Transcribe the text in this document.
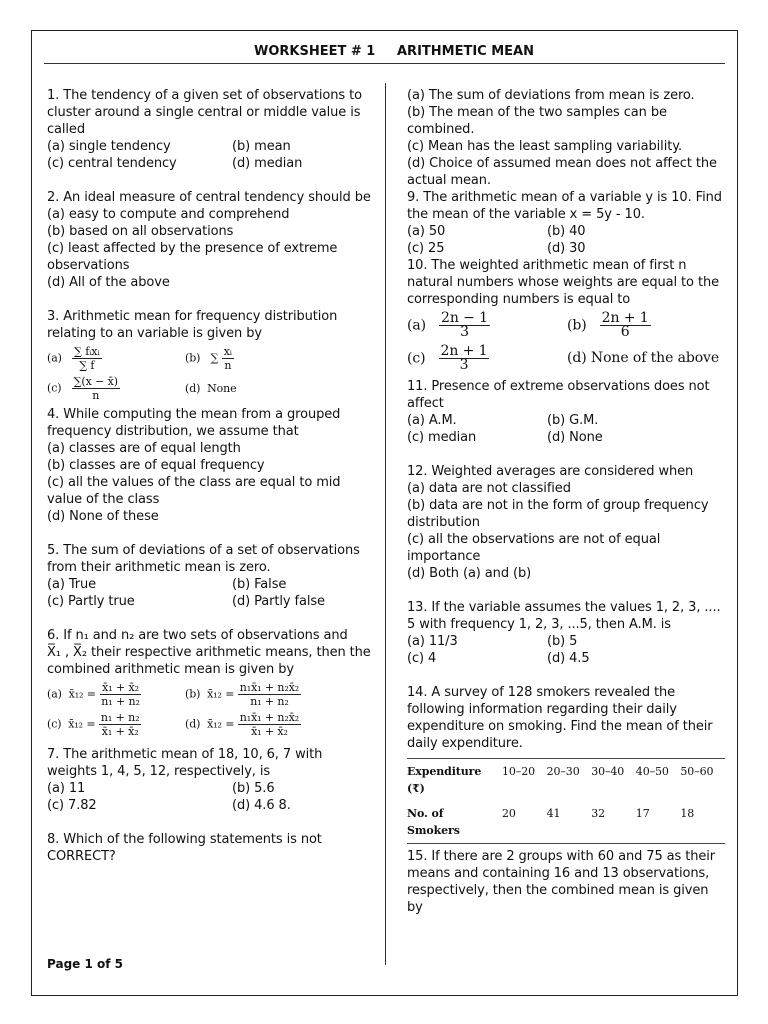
WORKSHEET # 1 ARITHMETIC MEAN
1. The tendency of a given set of observations to cluster around a single central or middle value is called
(a) single tendency	(b) mean
(c) central tendency	(d) median
2. An ideal measure of central tendency should be
(a) easy to compute and comprehend
(b) based on all observations
(c) least affected by the presence of extreme observations
(d) All of the above
3. Arithmetic mean for frequency distribution relating to an variable is given by
$(a) \frac{\text{∑ fᵢxᵢ}}{\sum f}$	(b) ∑ $\frac{\text{xᵢ}}{n}$
$(c) \frac{\sum(x - x̄)}{n}$	(d) None
4. While computing the mean from a grouped frequency distribution, we assume that
(a) classes are of equal length
(b) classes are of equal frequency
(c) all the values of the class are equal to mid value of the class
(d) None of these
5. The sum of deviations of a set of observations from their arithmetic mean is zero.
(a) True	(b) False
(c) Partly true	(d) Partly false
6. If n₁ and n₂ are two sets of observations and
X̅₁ , X̅₂ their respective arithmetic means, then the combined arithmetic mean is given by
(a) x̄₁₂ = $\frac{\text{x̄₁ + x̄₂}}{\text{n₁ + n₂}}$	(b) x̄₁₂ = $\frac{\text{n₁x̄₁ + n₂x̄₂}}{\text{n₁ + n₂}}$
(c) x̄₁₂ = $\frac{\text{n₁ + n₂}}{\text{x̄₁ + x̄₂}}$	(d) x̄₁₂ = $\frac{\text{n₁x̄₁ + n₂x̄₂}}{\text{x̄₁ + x̄₂}}$
7. The arithmetic mean of 18, 10, 6, 7 with weights 1, 4, 5, 12, respectively, is
(a) 11	(b) 5.6
(c) 7.82	(d) 4.6 8.
8. Which of the following statements is not CORRECT?
(a) The sum of deviations from mean is zero.
(b) The mean of the two samples can be combined.
(c) Mean has the least sampling variability.
(d) Choice of assumed mean does not affect the actual mean.
9. The arithmetic mean of a variable y is 10. Find the mean of the variable x = 5y - 10.
(a) 50	(b) 40
(c) 25	(d) 30
10. The weighted arithmetic mean of first n natural numbers whose weights are equal to the corresponding numbers is equal to
$(a) \frac{2n - 1}{3}$	$(b) \frac{2n + 1}{6}$
$(c) \frac{2n + 1}{3}$	(d) None of the above
11. Presence of extreme observations does not affect
(a) A.M.	(b) G.M.
(c) median	(d) None
12. Weighted averages are considered when
(a) data are not classified
(b) data are not in the form of group frequency distribution
(c) all the observations are not of equal importance
(d) Both (a) and (b)
13. If the variable assumes the values 1, 2, 3, .... 5 with frequency 1, 2, 3, ...5, then A.M. is
(a) 11/3	(b) 5
(c) 4	(d) 4.5
14. A survey of 128 smokers revealed the following information regarding their daily expenditure on smoking. Find the mean of their daily expenditure.
Expenditure	10–20	20–30	30–40	40–50	50–60
(₹)
No. of	20	41	32	17	18
Smokers
15. If there are 2 groups with 60 and 75 as their means and containing 16 and 13 observations, respectively, then the combined mean is given by
Page 1 of 5
